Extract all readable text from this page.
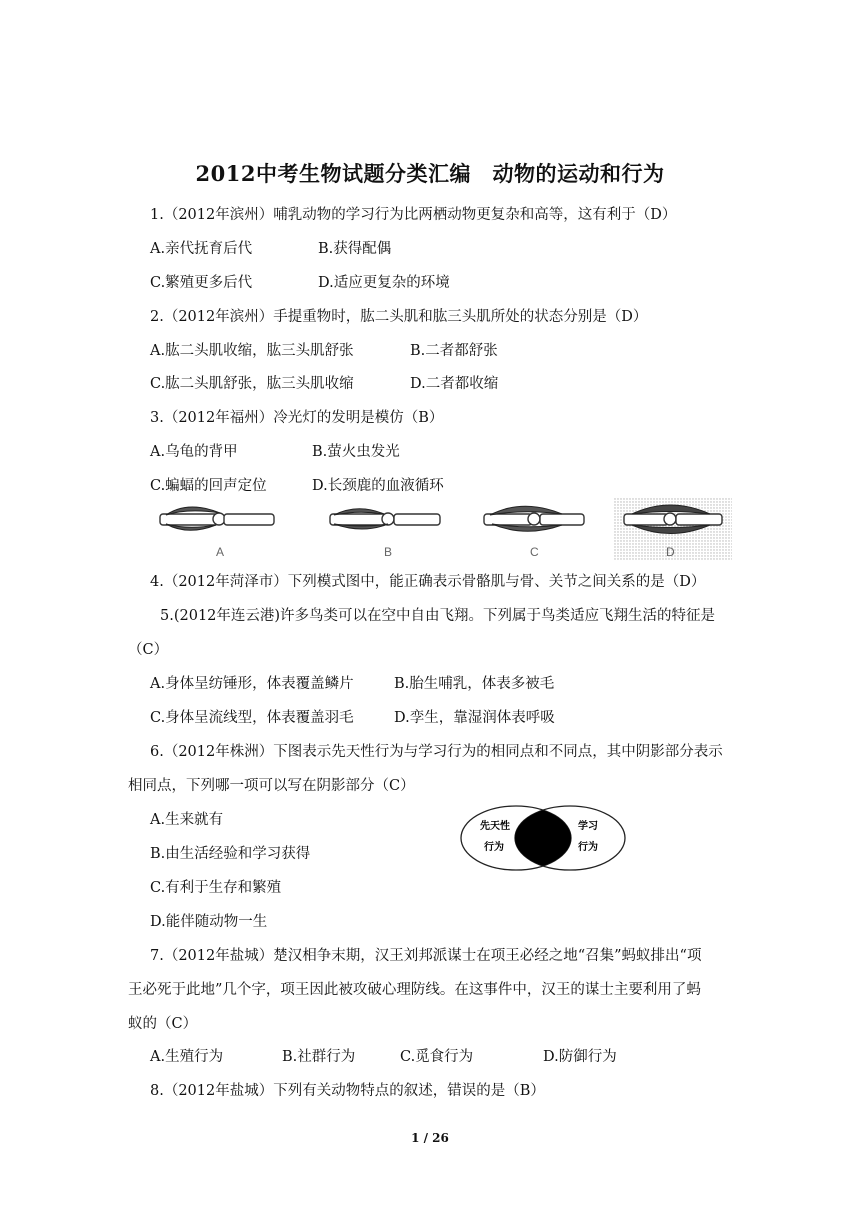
2012中考生物试题分类汇编　动物的运动和行为
1.（2012年滨州）哺乳动物的学习行为比两栖动物更复杂和高等，这有利于（D）
A.亲代抚育后代	B.获得配偶
C.繁殖更多后代	D.适应更复杂的环境
2.（2012年滨州）手提重物时，肱二头肌和肱三头肌所处的状态分别是（D）
A.肱二头肌收缩，肱三头肌舒张	B.二者都舒张
C.肱二头肌舒张，肱三头肌收缩	D.二者都收缩
3.（2012年福州）冷光灯的发明是模仿（B）
A.乌龟的背甲	B.萤火虫发光
C.蝙蝠的回声定位	D.长颈鹿的血液循环
A	B	C	D
4.（2012年菏泽市）下列模式图中，能正确表示骨骼肌与骨、关节之间关系的是（D）
5.(2012年连云港)许多鸟类可以在空中自由飞翔。下列属于鸟类适应飞翔生活的特征是
（C）
A.身体呈纺锤形，体表覆盖鳞片	B.胎生哺乳，体表多被毛
C.身体呈流线型，体表覆盖羽毛	D.孪生，靠湿润体表呼吸
6.（2012年株洲）下图表示先天性行为与学习行为的相同点和不同点，其中阴影部分表示
相同点，下列哪一项可以写在阴影部分（C）
A.生来就有
B.由生活经验和学习获得
C.有利于生存和繁殖
D.能伴随动物一生
先天性
行为
学习
行为
7.（2012年盐城）楚汉相争末期，汉王刘邦派谋士在项王必经之地“召集”蚂蚁排出“项
王必死于此地”几个字，项王因此被攻破心理防线。在这事件中，汉王的谋士主要利用了蚂
蚁的（C）
A.生殖行为	B.社群行为	C.觅食行为	D.防御行为
8.（2012年盐城）下列有关动物特点的叙述，错误的是（B）
1 / 26
